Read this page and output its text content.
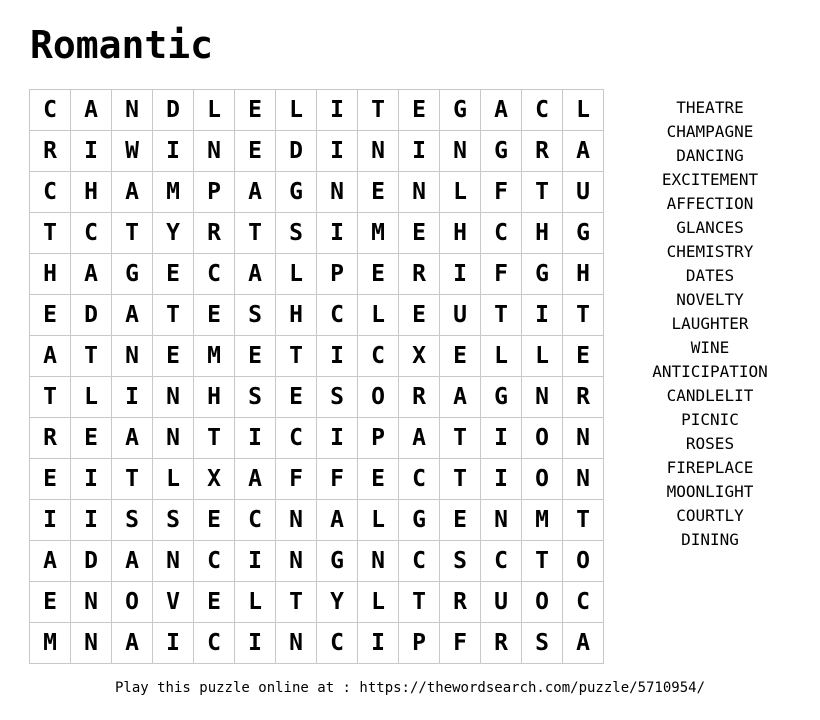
Romantic
C	A	N	D	L	E	L	I	T	E	G	A	C	L
R	I	W	I	N	E	D	I	N	I	N	G	R	A
C	H	A	M	P	A	G	N	E	N	L	F	T	U
T	C	T	Y	R	T	S	I	M	E	H	C	H	G
H	A	G	E	C	A	L	P	E	R	I	F	G	H
E	D	A	T	E	S	H	C	L	E	U	T	I	T
A	T	N	E	M	E	T	I	C	X	E	L	L	E
T	L	I	N	H	S	E	S	O	R	A	G	N	R
R	E	A	N	T	I	C	I	P	A	T	I	O	N
E	I	T	L	X	A	F	F	E	C	T	I	O	N
I	I	S	S	E	C	N	A	L	G	E	N	M	T
A	D	A	N	C	I	N	G	N	C	S	C	T	O
E	N	O	V	E	L	T	Y	L	T	R	U	O	C
M	N	A	I	C	I	N	C	I	P	F	R	S	A
THEATRE
CHAMPAGNE
DANCING
EXCITEMENT
AFFECTION
GLANCES
CHEMISTRY
DATES
NOVELTY
LAUGHTER
WINE
ANTICIPATION
CANDLELIT
PICNIC
ROSES
FIREPLACE
MOONLIGHT
COURTLY
DINING
Play this puzzle online at : https://thewordsearch.com/puzzle/5710954/
